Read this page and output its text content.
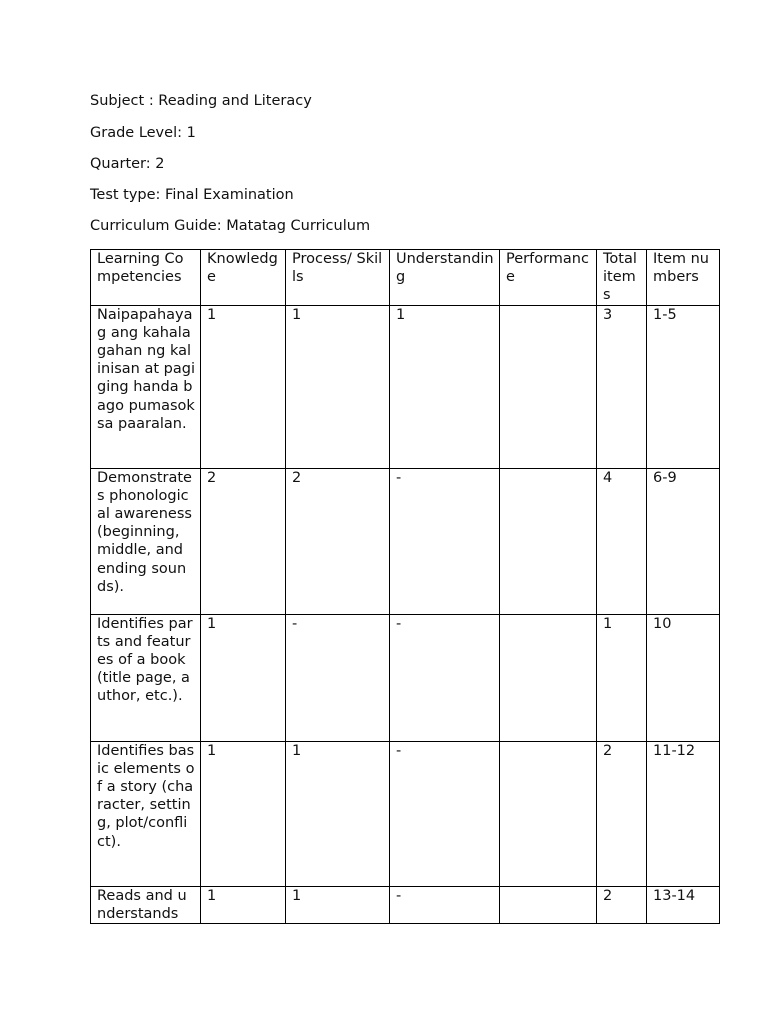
Subject : Reading and Literacy
Grade Level: 1
Quarter: 2
Test type: Final Examination
Curriculum Guide: Matatag Curriculum
Learning Competencies	Knowledge	Process/ Skills	Understanding	Performance	Total items	Item numbers
Naipapahayag ang kahalagahan ng kalinisan at pagiging handa bago pumasok sa paaralan.	1	1	1		3	1-5
Demonstrates phonological awareness (beginning, middle, and ending sounds).	2	2	-		4	6-9
Identifies parts and features of a book (title page, author, etc.).	1	-	-		1	10
Identifies basic elements of a story (character, setting, plot/conflict).	1	1	-		2	11-12
Reads and understands	1	1	-		2	13-14
